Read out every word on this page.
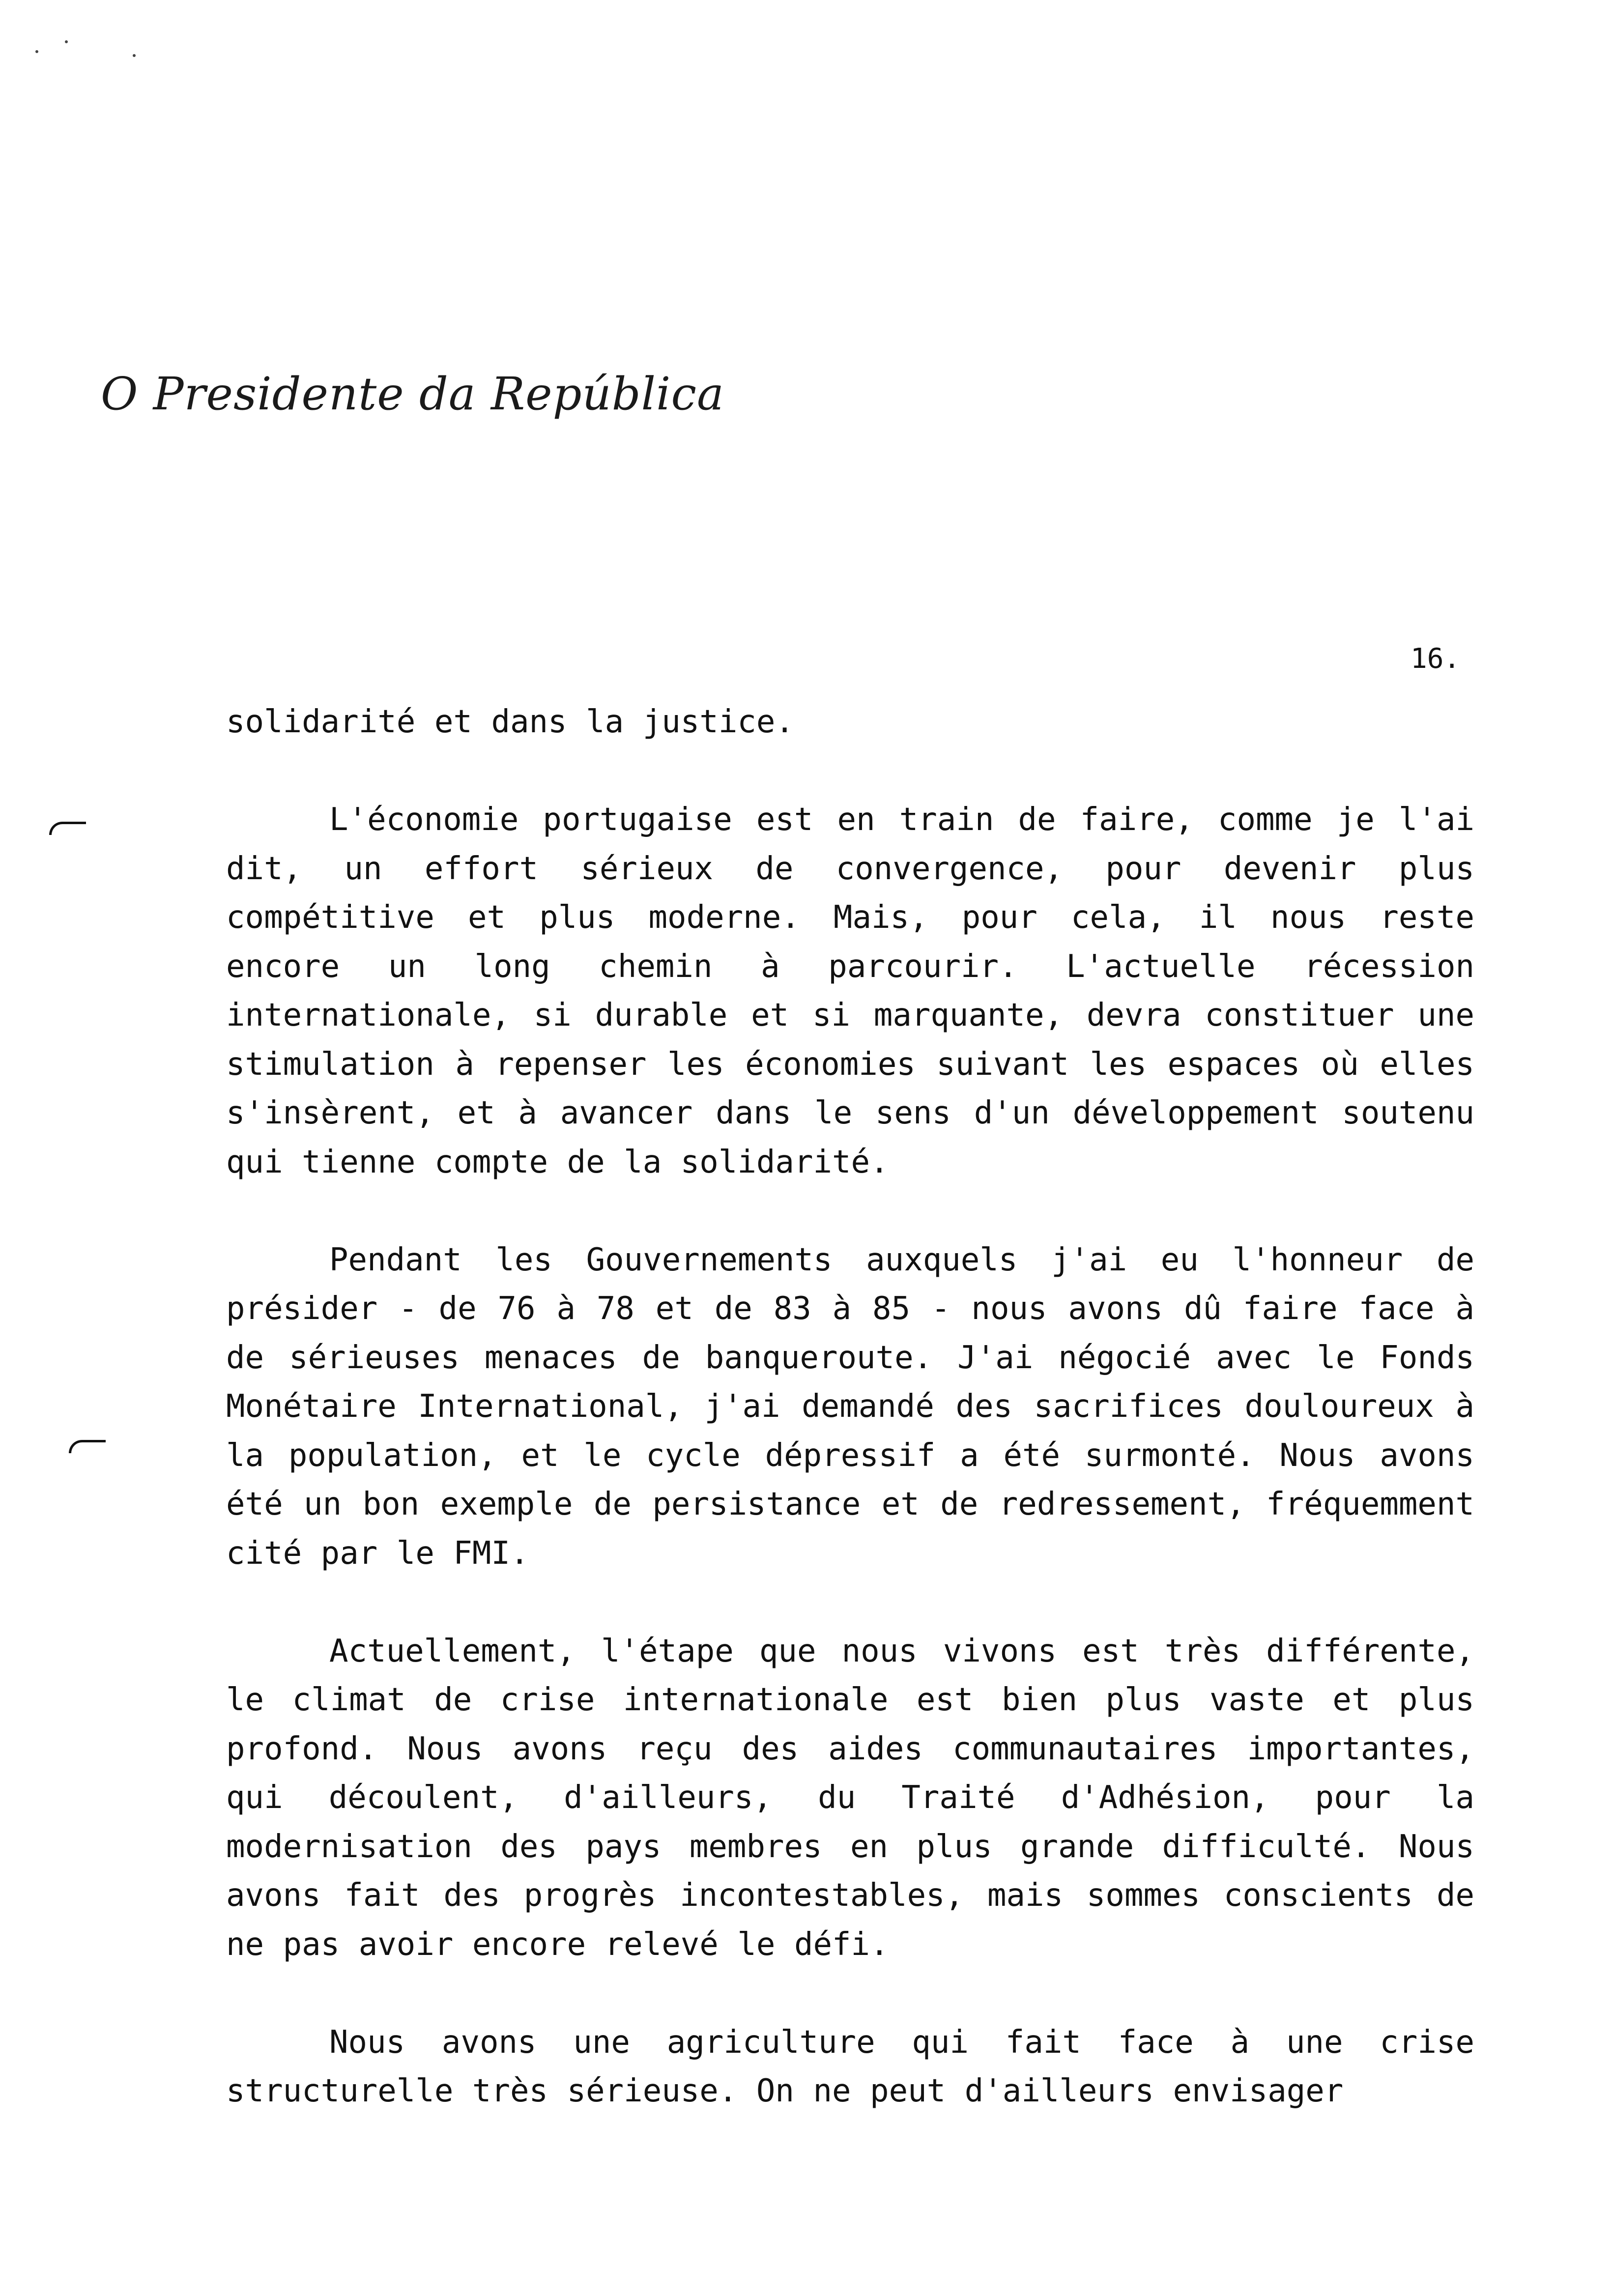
O Presidente da República
16.

solidarité et dans la justice.

L'économie portugaise est en train de faire, comme je l'ai dit, un effort sérieux de convergence, pour devenir plus compétitive et plus moderne. Mais, pour cela, il nous reste encore un long chemin à parcourir. L'actuelle récession internationale, si durable et si marquante, devra constituer une stimulation à repenser les économies suivant les espaces où elles s'insèrent, et à avancer dans le sens d'un développement soutenu qui tienne compte de la solidarité.

Pendant les Gouvernements auxquels j'ai eu l'honneur de présider - de 76 à 78 et de 83 à 85 - nous avons dû faire face à de sérieuses menaces de banqueroute. J'ai négocié avec le Fonds Monétaire International, j'ai demandé des sacrifices douloureux à la population, et le cycle dépressif a été surmonté. Nous avons été un bon exemple de persistance et de redressement, fréquemment cité par le FMI.

Actuellement, l'étape que nous vivons est très différente, le climat de crise internationale est bien plus vaste et plus profond. Nous avons reçu des aides communautaires importantes, qui découlent, d'ailleurs, du Traité d'Adhésion, pour la modernisation des pays membres en plus grande difficulté. Nous avons fait des progrès incontestables, mais sommes conscients de ne pas avoir encore relevé le défi.

Nous avons une agriculture qui fait face à une crise structurelle très sérieuse. On ne peut d'ailleurs envisager
